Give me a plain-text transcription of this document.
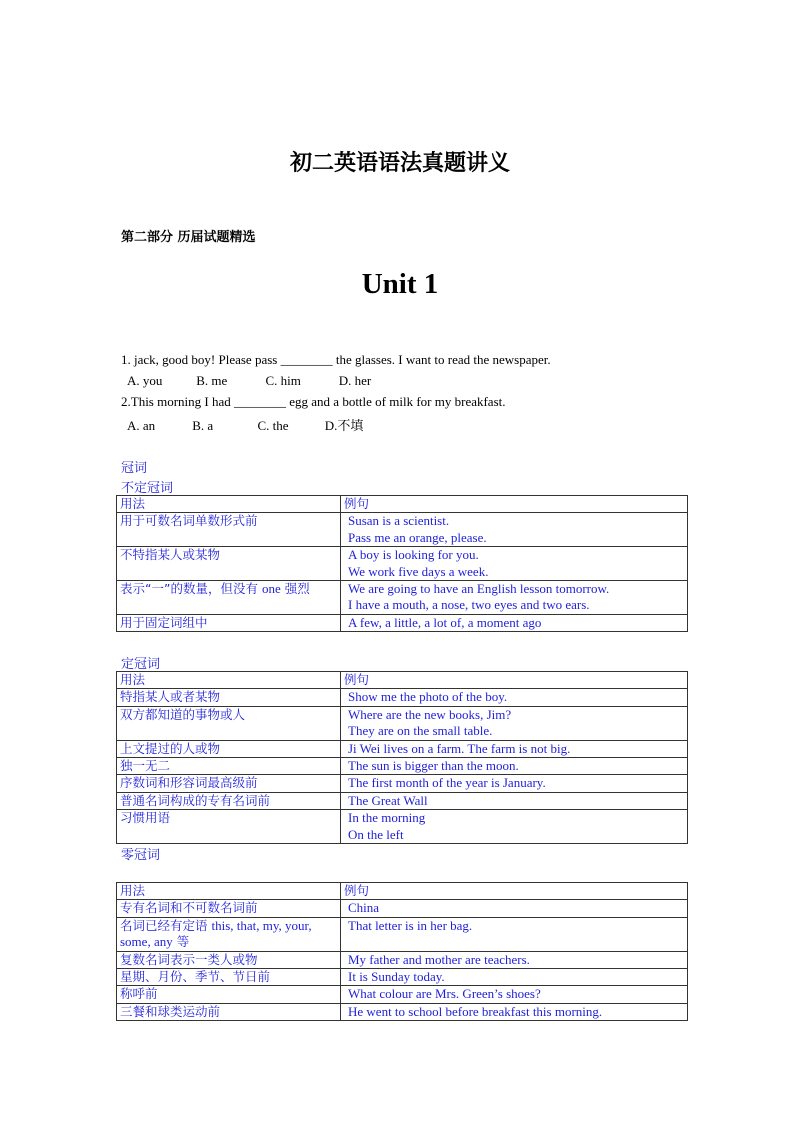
初二英语语法真题讲义
第二部分 历届试题精选
Unit 1
1. jack, good boy! Please pass ________ the glasses. I want to read the newspaper.
A. you	B. me	C. him	D. her
2.This morning I had ________ egg and a bottle of milk for my breakfast.
A. an	B. a	C. the	D.不填
冠词
不定冠词
用法	例句
用于可数名词单数形式前	Susan is a scientist.
Pass me an orange, please.

不特指某人或某物	A boy is looking for you.
We work five days a week.

表示“一”的数量，但没有 one 强烈	We are going to have an English lesson tomorrow.
I have a mouth, a nose, two eyes and two ears.

用于固定词组中	A few, a little, a lot of, a moment ago
定冠词
用法	例句
特指某人或者某物	Show me the photo of the boy.

双方都知道的事物或人	Where are the new books, Jim?
They are on the small table.

上文提过的人或物	Ji Wei lives on a farm. The farm is not big.

独一无二	The sun is bigger than the moon.

序数词和形容词最高级前	The first month of the year is January.

普通名词构成的专有名词前	The Great Wall

习惯用语	In the morning
On the left
零冠词
用法	例句
专有名词和不可数名词前	China

名词已经有定语 this, that, my, your,
some, any 等	That letter is in her bag.

复数名词表示一类人或物	My father and mother are teachers.

星期、月份、季节、节日前	It is Sunday today.

称呼前	What colour are Mrs. Green’s shoes?

三餐和球类运动前	He went to school before breakfast this morning.
